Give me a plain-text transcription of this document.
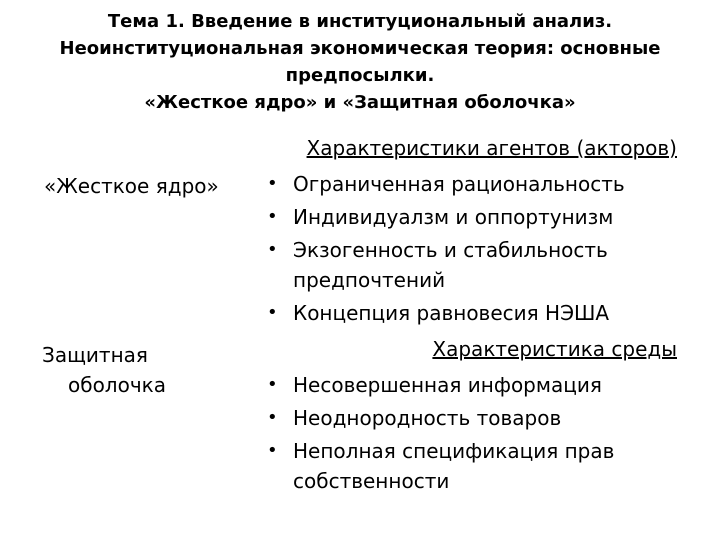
Тема 1. Введение в институциональный анализ.
Неоинституциональная экономическая теория: основные
предпосылки.
«Жесткое ядро» и «Защитная оболочка»
«Жесткое ядро»
Защитная
оболочка
Характеристики агентов (акторов)
• Ограниченная рациональность
• Индивидуалзм и оппортунизм
• Экзогенность и стабильность предпочтений
• Концепция равновесия НЭША
Характеристика среды
• Несовершенная информация
• Неоднородность товаров
• Неполная спецификация прав собственности
